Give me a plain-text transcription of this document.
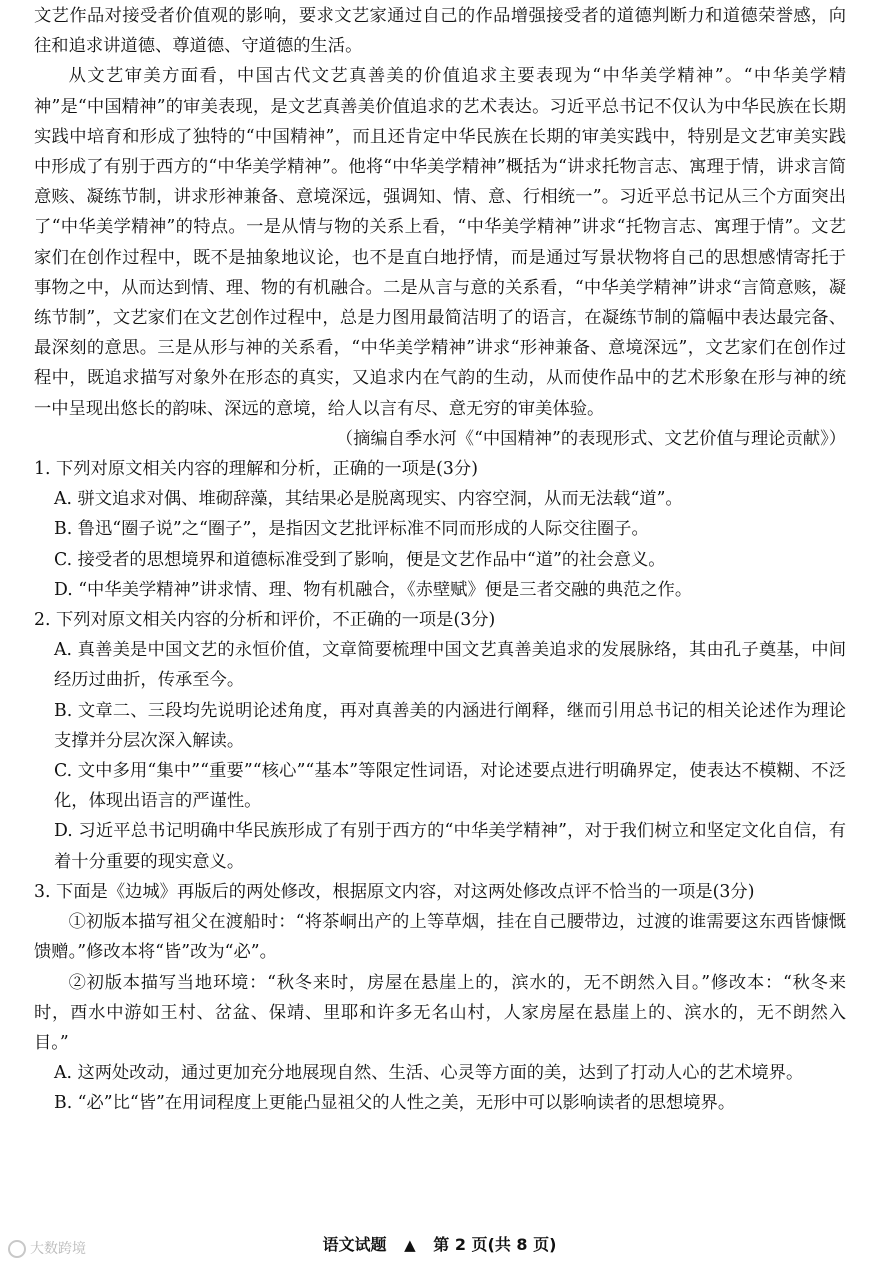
文艺作品对接受者价值观的影响，要求文艺家通过自己的作品增强接受者的道德判断力和道德荣誉感，向往和追求讲道德、尊道德、守道德的生活。

从文艺审美方面看，中国古代文艺真善美的价值追求主要表现为“中华美学精神”。“中华美学精神”是“中国精神”的审美表现，是文艺真善美价值追求的艺术表达。习近平总书记不仅认为中华民族在长期实践中培育和形成了独特的“中国精神”，而且还肯定中华民族在长期的审美实践中，特别是文艺审美实践中形成了有别于西方的“中华美学精神”。他将“中华美学精神”概括为“讲求托物言志、寓理于情，讲求言简意赅、凝练节制，讲求形神兼备、意境深远，强调知、情、意、行相统一”。习近平总书记从三个方面突出了“中华美学精神”的特点。一是从情与物的关系上看，“中华美学精神”讲求“托物言志、寓理于情”。文艺家们在创作过程中，既不是抽象地议论，也不是直白地抒情，而是通过写景状物将自己的思想感情寄托于事物之中，从而达到情、理、物的有机融合。二是从言与意的关系看，“中华美学精神”讲求“言简意赅，凝练节制”，文艺家们在文艺创作过程中，总是力图用最简洁明了的语言，在凝练节制的篇幅中表达最完备、最深刻的意思。三是从形与神的关系看，“中华美学精神”讲求“形神兼备、意境深远”，文艺家们在创作过程中，既追求描写对象外在形态的真实，又追求内在气韵的生动，从而使作品中的艺术形象在形与神的统一中呈现出悠长的韵味、深远的意境，给人以言有尽、意无穷的审美体验。

（摘编自季水河《“中国精神”的表现形式、文艺价值与理论贡献》）

1. 下列对原文相关内容的理解和分析，正确的一项是(3分)

A. 骈文追求对偶、堆砌辞藻，其结果必是脱离现实、内容空洞，从而无法载“道”。

B. 鲁迅“圈子说”之“圈子”，是指因文艺批评标准不同而形成的人际交往圈子。

C. 接受者的思想境界和道德标准受到了影响，便是文艺作品中“道”的社会意义。

D. “中华美学精神”讲求情、理、物有机融合，《赤壁赋》便是三者交融的典范之作。

2. 下列对原文相关内容的分析和评价，不正确的一项是(3分)

A. 真善美是中国文艺的永恒价值，文章简要梳理中国文艺真善美追求的发展脉络，其由孔子奠基，中间经历过曲折，传承至今。

B. 文章二、三段均先说明论述角度，再对真善美的内涵进行阐释，继而引用总书记的相关论述作为理论支撑并分层次深入解读。

C. 文中多用“集中”“重要”“核心”“基本”等限定性词语，对论述要点进行明确界定，使表达不模糊、不泛化，体现出语言的严谨性。

D. 习近平总书记明确中华民族形成了有别于西方的“中华美学精神”，对于我们树立和坚定文化自信，有着十分重要的现实意义。

3. 下面是《边城》再版后的两处修改，根据原文内容，对这两处修改点评不恰当的一项是(3分)

①初版本描写祖父在渡船时：“将茶峒出产的上等草烟，挂在自己腰带边，过渡的谁需要这东西皆慷慨馈赠。”修改本将“皆”改为“必”。

②初版本描写当地环境：“秋冬来时，房屋在悬崖上的，滨水的，无不朗然入目。”修改本：“秋冬来时，酉水中游如王村、岔盆、保靖、里耶和许多无名山村，人家房屋在悬崖上的、滨水的，无不朗然入目。”

A. 这两处改动，通过更加充分地展现自然、生活、心灵等方面的美，达到了打动人心的艺术境界。

B. “必”比“皆”在用词程度上更能凸显祖父的人性之美，无形中可以影响读者的思想境界。

语文试题 ▲ 第 2 页(共 8 页)
大数跨境
